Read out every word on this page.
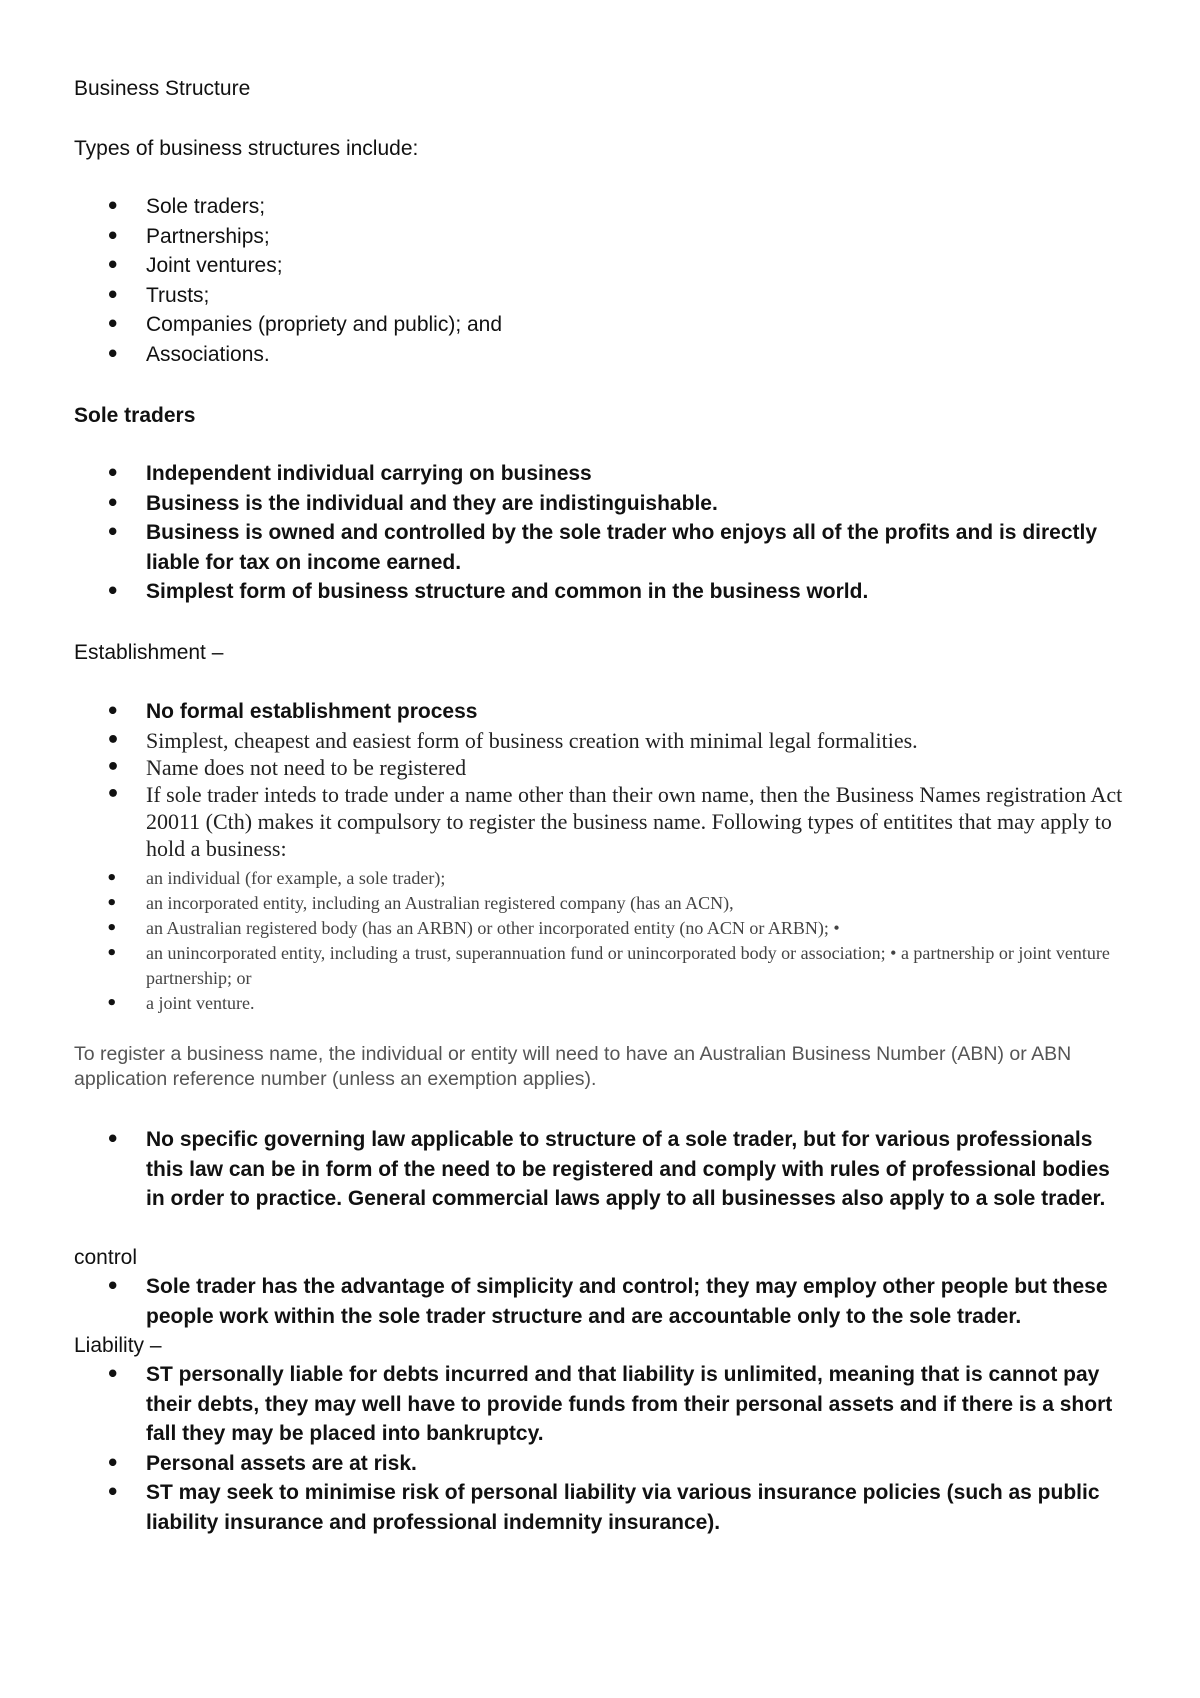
Business Structure

Types of business structures include:

• Sole traders;
• Partnerships;
• Joint ventures;
• Trusts;
• Companies (propriety and public); and
• Associations.

Sole traders

• Independent individual carrying on business
• Business is the individual and they are indistinguishable.
• Business is owned and controlled by the sole trader who enjoys all of the profits and is directly liable for tax on income earned.
• Simplest form of business structure and common in the business world.

Establishment –

• No formal establishment process
• Simplest, cheapest and easiest form of business creation with minimal legal formalities.
• Name does not need to be registered
• If sole trader inteds to trade under a name other than their own name, then the Business Names registration Act 20011 (Cth) makes it compulsory to register the business name. Following types of entitites that may apply to hold a business:
• an individual (for example, a sole trader);
• an incorporated entity, including an Australian registered company (has an ACN),
• an Australian registered body (has an ARBN) or other incorporated entity (no ACN or ARBN); •
• an unincorporated entity, including a trust, superannuation fund or unincorporated body or association; • a partnership or joint venture partnership; or
• a joint venture.

To register a business name, the individual or entity will need to have an Australian Business Number (ABN) or ABN application reference number (unless an exemption applies).

• No specific governing law applicable to structure of a sole trader, but for various professionals this law can be in form of the need to be registered and comply with rules of professional bodies in order to practice. General commercial laws apply to all businesses also apply to a sole trader.

control

• Sole trader has the advantage of simplicity and control; they may employ other people but these people work within the sole trader structure and are accountable only to the sole trader.

Liability –

• ST personally liable for debts incurred and that liability is unlimited, meaning that is cannot pay their debts, they may well have to provide funds from their personal assets and if there is a short fall they may be placed into bankruptcy.
• Personal assets are at risk.
• ST may seek to minimise risk of personal liability via various insurance policies (such as public liability insurance and professional indemnity insurance).
